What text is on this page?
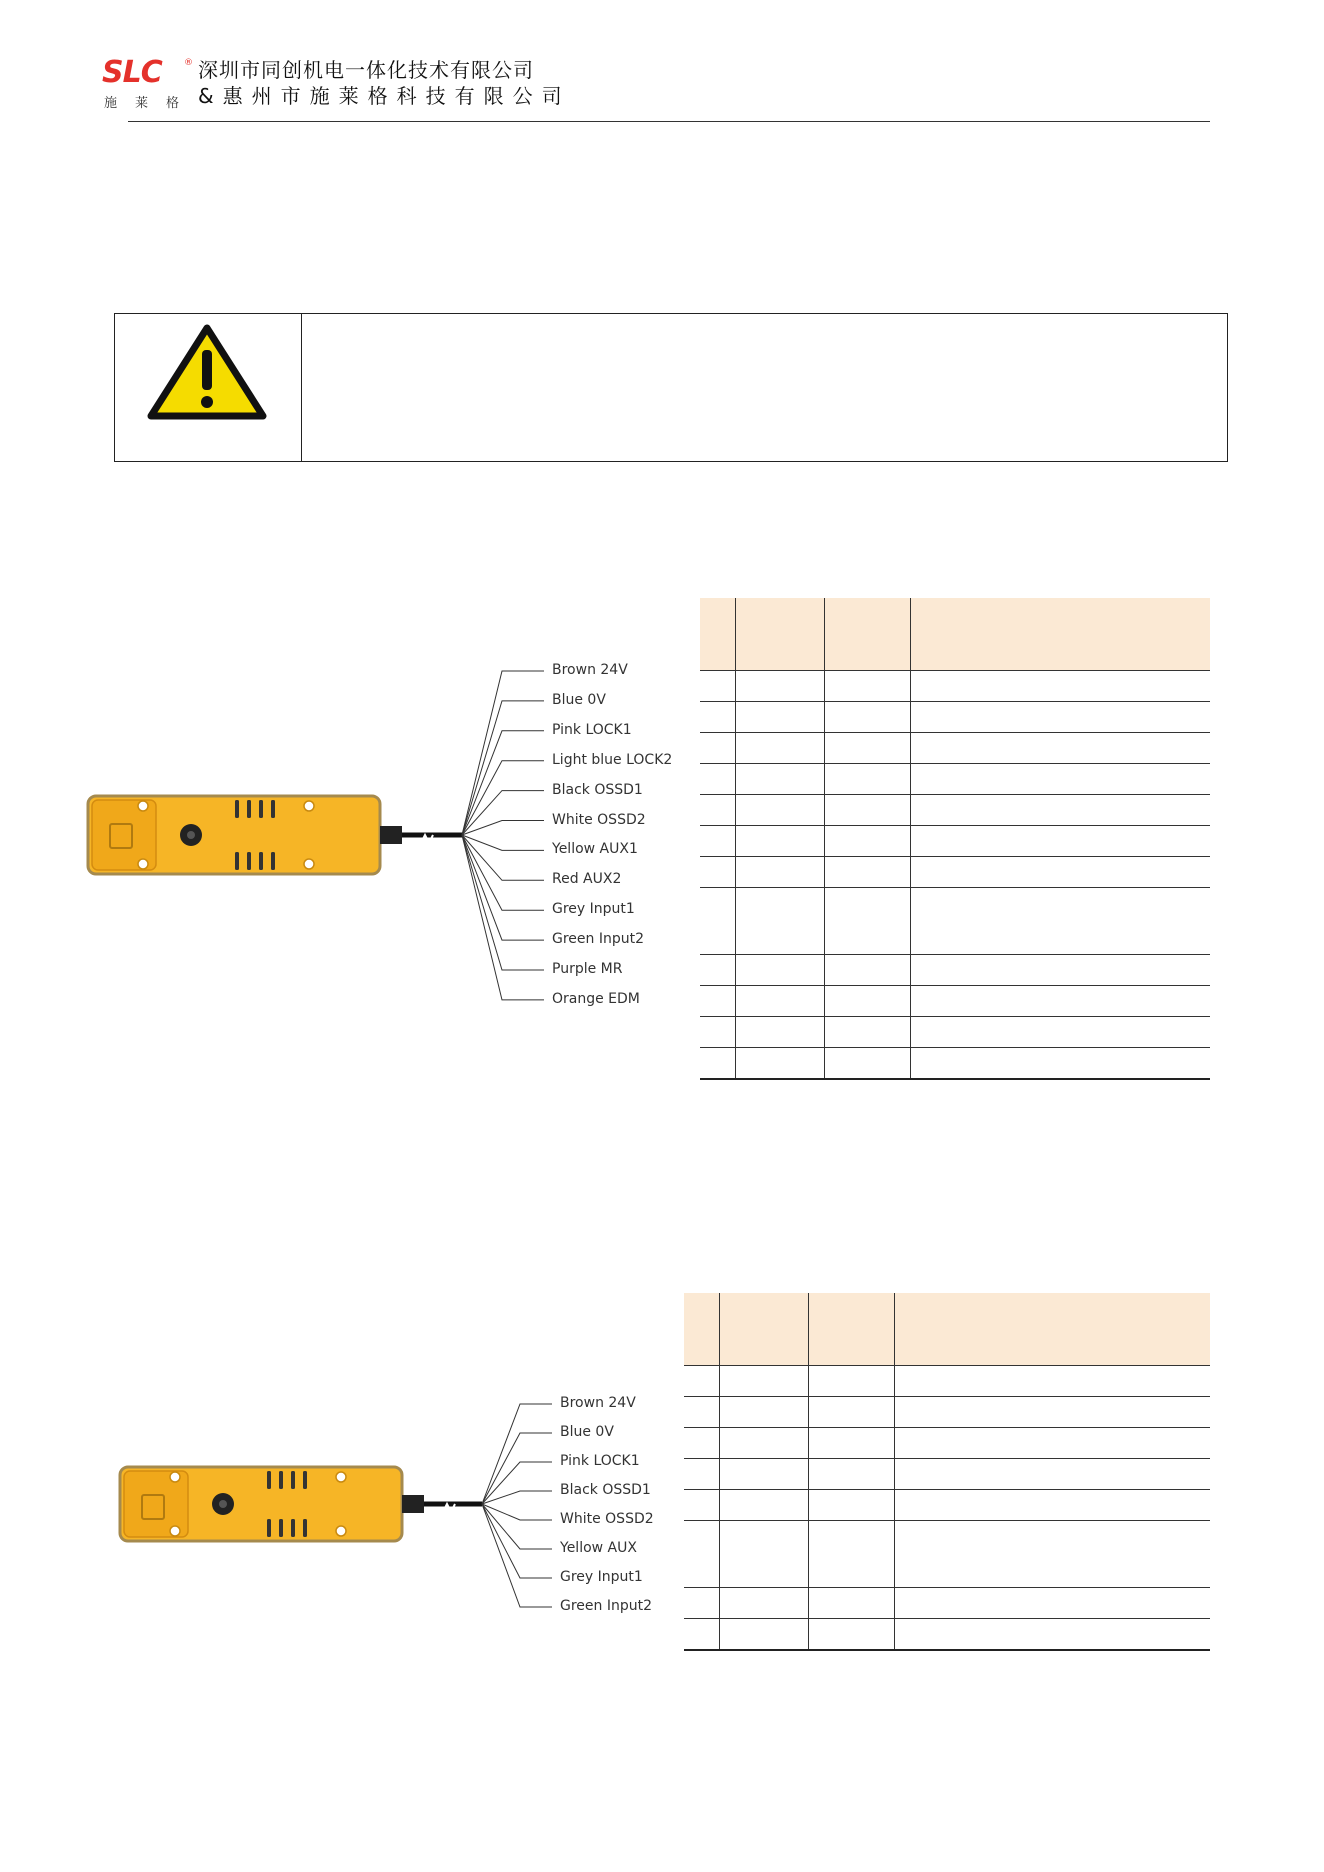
SLC ®
施莱格
深圳市同创机电一体化技术有限公司
&惠州市施莱格科技有限公司

Brown 24V
Blue 0V
Pink LOCK1
Light blue LOCK2
Black OSSD1
White OSSD2
Yellow AUX1
Red AUX2
Grey Input1
Green Input2
Purple MR
Orange EDM
Brown 24V
Blue 0V
Pink LOCK1
Black OSSD1
White OSSD2
Yellow AUX
Grey Input1
Green Input2
